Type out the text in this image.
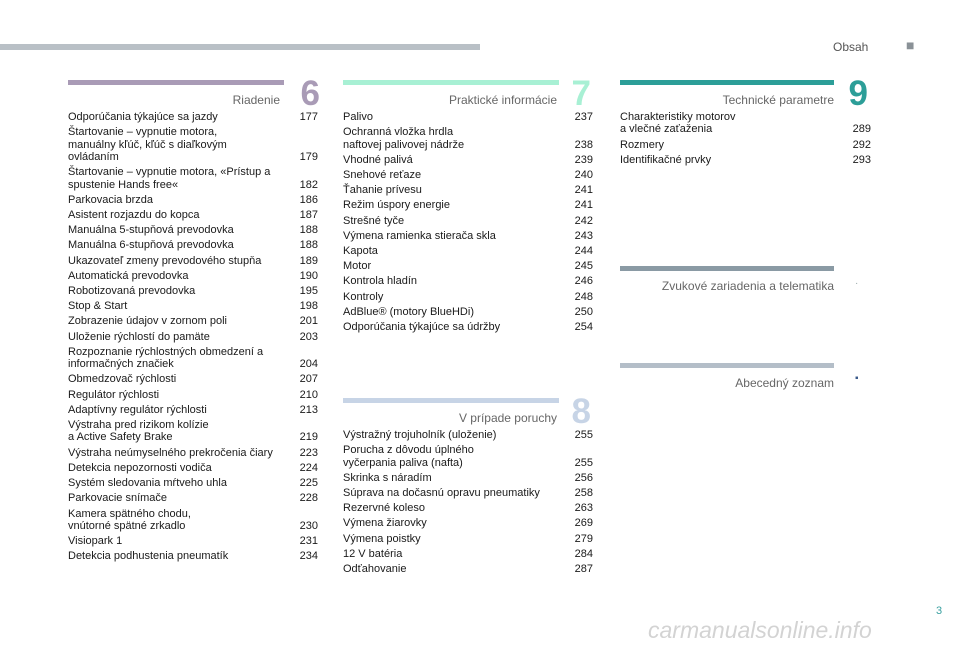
Obsah	■
Riadenie 6
Odporúčania týkajúce sa jazdy	177
Štartovanie – vypnutie motora,
manuálny kľúč, kľúč s diaľkovým
ovládaním	179
Štartovanie – vypnutie motora, «Prístup a
spustenie Hands free«	182
Parkovacia brzda	186
Asistent rozjazdu do kopca	187
Manuálna 5-stupňová prevodovka	188
Manuálna 6-stupňová prevodovka	188
Ukazovateľ zmeny prevodového stupňa	189
Automatická prevodovka	190
Robotizovaná prevodovka	195
Stop & Start	198
Zobrazenie údajov v zornom poli	201
Uloženie rýchlostí do pamäte	203
Rozpoznanie rýchlostných obmedzení a
informačných značiek	204
Obmedzovač rýchlosti	207
Regulátor rýchlosti	210
Adaptívny regulátor rýchlosti	213
Výstraha pred rizikom kolízie
a Active Safety Brake	219
Výstraha neúmyselného prekročenia čiary	223
Detekcia nepozornosti vodiča	224
Systém sledovania mŕtveho uhla	225
Parkovacie snímače	228
Kamera spätného chodu,
vnútorné spätné zrkadlo	230
Visiopark 1	231
Detekcia podhustenia pneumatík	234
Praktické informácie 7
Palivo	237
Ochranná vložka hrdla
naftovej palivovej nádrže	238
Vhodné palivá	239
Snehové reťaze	240
Ťahanie prívesu	241
Režim úspory energie	241
Strešné tyče	242
Výmena ramienka stierača skla	243
Kapota	244
Motor	245
Kontrola hladín	246
Kontroly	248
AdBlue® (motory BlueHDi)	250
Odporúčania týkajúce sa údržby	254
V prípade poruchy 8
Výstražný trojuholník (uloženie)	255
Porucha z dôvodu úplného
vyčerpania paliva (nafta)	255
Skrinka s náradím	256
Súprava na dočasnú opravu pneumatiky	258
Rezervné koleso	263
Výmena žiarovky	269
Výmena poistky	279
12 V batéria	284
Odťahovanie	287
Technické parametre 9
Charakteristiky motorov
a vlečné zaťaženia	289
Rozmery	292
Identifikačné prvky	293
Zvukové zariadenia a telematika ·
Abecedný zoznam ▪
3
carmanualsonline.info
